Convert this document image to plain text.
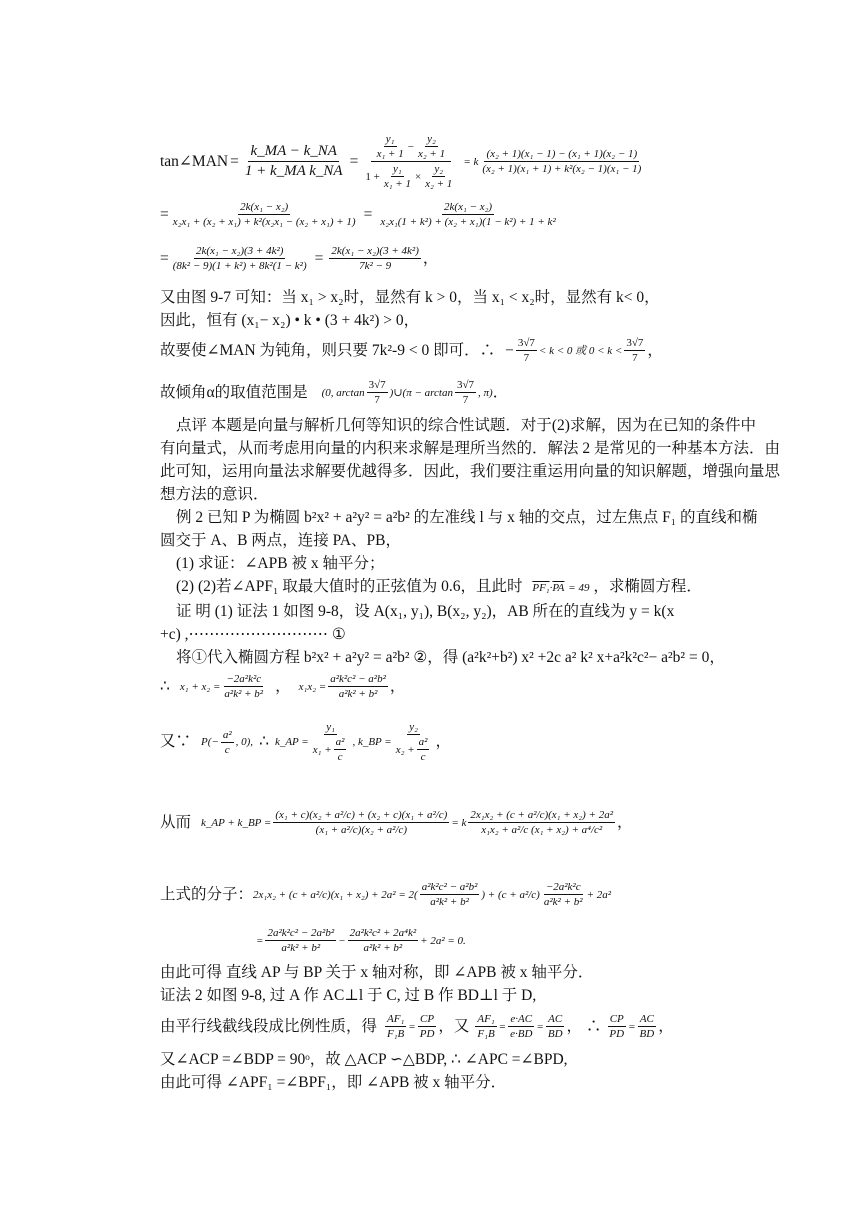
tan∠MAN = $\frac{k\_MA - k\_NA}{\text{1 + k\_MA k\_NA}} = \frac{\frac{\text{y₁}}{\text{x₁ + 1}} - \frac{\text{y₂}}{\text{x₂ + 1}}}{1 + \frac{\text{y₁}}{\text{x₁ + 1}} \times \frac{\text{y₂}}{\text{x₂ + 1}}} = k \frac{\text{(x₂ + 1)(x₁ − 1) − (x₁ + 1)(x₂ − 1)}}{\text{(x₂ + 1)(x₁ + 1) + k²(x₂ − 1)(x₁ − 1)}}$
= $\frac{\text{2k(x₁ − x₂)}}{\text{x₂x₁ + (x₂ + x₁) + k²(x₂x₁ − (x₂ + x₁) + 1)}} = \frac{\text{2k(x₁ − x₂)}}{\text{x₂x₁(1 + k²) + (x₂ + x₁)(1 − k²) + 1 + k²}}$
= $\frac{\text{2k(x₁ − x₂)(3 + 4k²)}}{\text{(8k² − 9)(1 + k²) + 8k²(1 − k²)}} = \frac{\text{2k(x₁ − x₂)(3 + 4k²)}}{\text{7k² − 9}}$ ，
又由图 9-7 可知：当 x₁ > x₂时，显然有 k > 0，当 x₁ < x₂时，显然有 k< 0，
因此，恒有 (x₁− x₂) • k • (3 + 4k²) > 0，
故要使∠MAN 为钝角，则只要 7k²-9 < 0 即可．∴ − $\frac{3√7}{7} < k < 0$ 或 $0 < k < \frac{3√7}{7}$ ，
故倾角α的取值范围是 (0, $\arctan \frac{3√7}{7}$ )∪(π − $\arctan \frac{3√7}{7}$ , π) ．
点评 本题是向量与解析几何等知识的综合性试题．对于(2)求解，因为在已知的条件中
有向量式，从而考虑用向量的内积来求解是理所当然的．解法 2 是常见的一种基本方法．由
此可知，运用向量法求解要优越得多．因此，我们要注重运用向量的知识解题，增强向量思
想方法的意识．
例 2 已知 P 为椭圆 b²x² + a²y² = a²b² 的左准线 l 与 x 轴的交点，过左焦点 F₁ 的直线和椭
圆交于 A、B 两点，连接 PA、PB，
(1) 求证：∠APB 被 x 轴平分；
(2) (2)若∠APF₁ 取最大值时的正弦值为 0.6，且此时 $PF_1\cdot\overline{PA} = 49$ ，求椭圆方程．
证 明 (1) 证法 1 如图 9-8，设 A(x₁, y₁), B(x₂, y₂)，AB 所在的直线为 y = k(x
+c) ,⋯⋯⋯⋯⋯⋯⋯⋯⋯ ①
将①代入椭圆方程 b²x² + a²y² = a²b² ②，得 (a²k²+b²) x² +2c a² k² x+a²k²c²− a²b² = 0，
∴ $x_1 + x_2 = \frac{\text{−2a²k²c}}{\text{a²k² + b²}}$ ， $x_1x_2 = \frac{\text{a²k²c² − a²b²}}{\text{a²k² + b²}}$ ，
又∵ $P(- \frac{\text{a²}}{c}$ , 0), ∴ k_AP = $\frac{\text{y₁}}{x_1 + \frac{\text{a²}}{c}}$ , k_BP = $\frac{\text{y₂}}{x_2 + \frac{\text{a²}}{c}}$ ，
从而 k_AP + k_BP = $\frac{\text{(x₁ + c)(x₂ + a²/c) + (x₂ + c)(x₁ + a²/c)}}{\text{(x₁ + a²/c)(x₂ + a²/c)}} = k \frac{\text{2x₁x₂ + (c + a²/c)(x₁ + x₂) + 2a²}}{\text{x₁x₂ + a²/c (x₁ + x₂) + a⁴/c²}}$ ，
上式的分子： $2x_1x_2 + (c + a^2/c)(x_1 + x_2) + 2a^2 = 2( \frac{\text{a²k²c² − a²b²}}{\text{a²k² + b²}}$ ) + $(c + a^2/c) \frac{\text{−2a²k²c}}{\text{a²k² + b²}} + 2a^2$
= $\frac{\text{2a²k²c² − 2a²b²}}{\text{a²k² + b²}} - \frac{\text{2a²k²c² + 2a⁴k²}}{\text{a²k² + b²}} + 2a^2 = 0$.
由此可得 直线 AP 与 BP 关于 x 轴对称，即 ∠APB 被 x 轴平分．
证法 2 如图 9-8, 过 A 作 AC⊥l 于 C, 过 B 作 BD⊥l 于 D,
由平行线截线段成比例性质，得 $\frac{\text{AF₁}}{\text{F₁B}} = \frac{CP}{PD}$ ，又 $\frac{\text{AF₁}}{\text{F₁B}} = \frac{e\cdot AC}{e\cdot BD} = \frac{AC}{BD}$ ， ∴ $\frac{CP}{PD} = \frac{AC}{BD}$ ，
又∠ACP =∠BDP = 90ᵒ，故 △ACP ∽△BDP, ∴ ∠APC =∠BPD,
由此可得 ∠APF₁ =∠BPF₁，即 ∠APB 被 x 轴平分．
